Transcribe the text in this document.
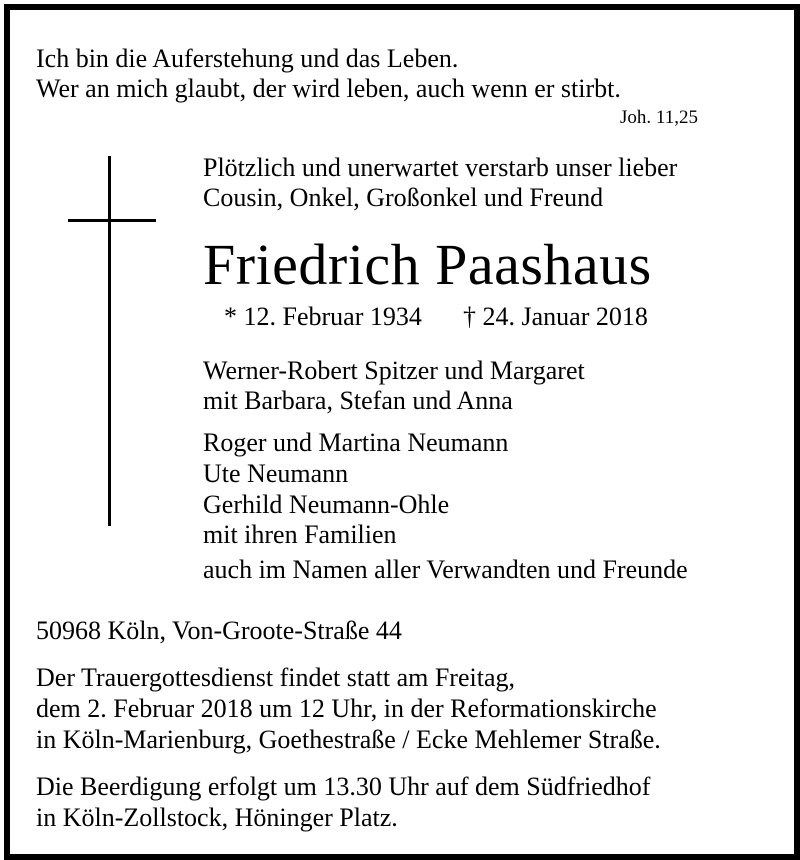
Ich bin die Auferstehung und das Leben.
Wer an mich glaubt, der wird leben, auch wenn er stirbt.
Joh. 11,25
Plötzlich und unerwartet verstarb unser lieber
Cousin, Onkel, Großonkel und Freund
Friedrich Paashaus
* 12. Februar 1934 † 24. Januar 2018
Werner-Robert Spitzer und Margaret
mit Barbara, Stefan und Anna
Roger und Martina Neumann
Ute Neumann
Gerhild Neumann-Ohle
mit ihren Familien
auch im Namen aller Verwandten und Freunde
50968 Köln, Von-Groote-Straße 44
Der Trauergottesdienst findet statt am Freitag,
dem 2. Februar 2018 um 12 Uhr, in der Reformationskirche
in Köln-Marienburg, Goethestraße / Ecke Mehlemer Straße.
Die Beerdigung erfolgt um 13.30 Uhr auf dem Südfriedhof
in Köln-Zollstock, Höninger Platz.
